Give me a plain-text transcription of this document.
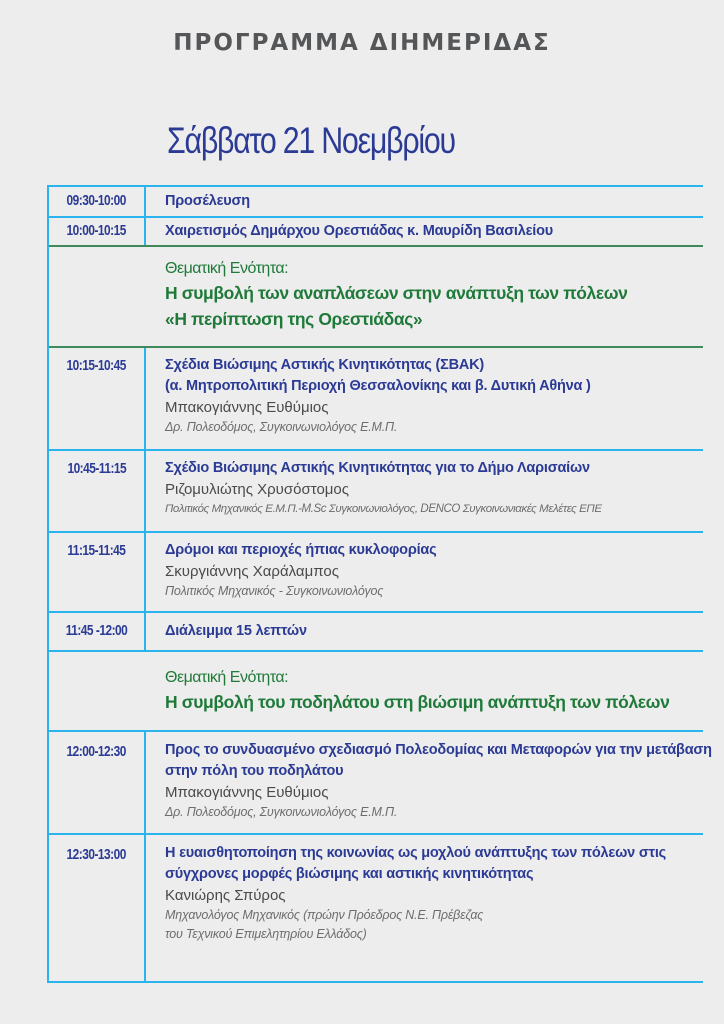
ΠΡΟΓΡΑΜΜΑ ΔΙΗΜΕΡΙΔΑΣ
Σάββατο 21 Νοεμβρίου
09:30-10:00	Προσέλευση
10:00-10:15	Χαιρετισμός Δημάρχου Ορεστιάδας κ. Μαυρίδη Βασιλείου
Θεματική Ενότητα:
Η συμβολή των αναπλάσεων στην ανάπτυξη των πόλεων
«Η περίπτωση της Ορεστιάδας»
10:15-10:45	Σχέδια Βιώσιμης Αστικής Κινητικότητας (ΣΒΑΚ)
(α. Μητροπολιτική Περιοχή Θεσσαλονίκης και β. Δυτική Αθήνα )
Μπακογιάννης Ευθύμιος
Δρ. Πολεοδόμος, Συγκοινωνιολόγος Ε.Μ.Π.
10:45-11:15	Σχέδιο Βιώσιμης Αστικής Κινητικότητας για το Δήμο Λαρισαίων
Ριζομυλιώτης Χρυσόστομος
Πολιτικός Μηχανικός Ε.Μ.Π.-M.Sc Συγκοινωνιολόγος, DENCO Συγκοινωνιακές Μελέτες ΕΠΕ
11:15-11:45	Δρόμοι και περιοχές ήπιας κυκλοφορίας
Σκυργιάννης Χαράλαμπος
Πολιτικός Μηχανικός - Συγκοινωνιολόγος
11:45 -12:00	Διάλειμμα 15 λεπτών
Θεματική Ενότητα:
Η συμβολή του ποδηλάτου στη βιώσιμη ανάπτυξη των πόλεων
12:00-12:30	Προς το συνδυασμένο σχεδιασμό Πολεοδομίας και Μεταφορών για την μετάβαση
στην πόλη του ποδηλάτου
Μπακογιάννης Ευθύμιος
Δρ. Πολεοδόμος, Συγκοινωνιολόγος Ε.Μ.Π.
12:30-13:00	Η ευαισθητοποίηση της κοινωνίας ως μοχλού ανάπτυξης των πόλεων στις
σύγχρονες μορφές βιώσιμης και αστικής κινητικότητας
Κανιώρης Σπύρος
Μηχανολόγος Μηχανικός (πρώην Πρόεδρος Ν.Ε. Πρέβεζας
του Τεχνικού Επιμελητηρίου Ελλάδος)
